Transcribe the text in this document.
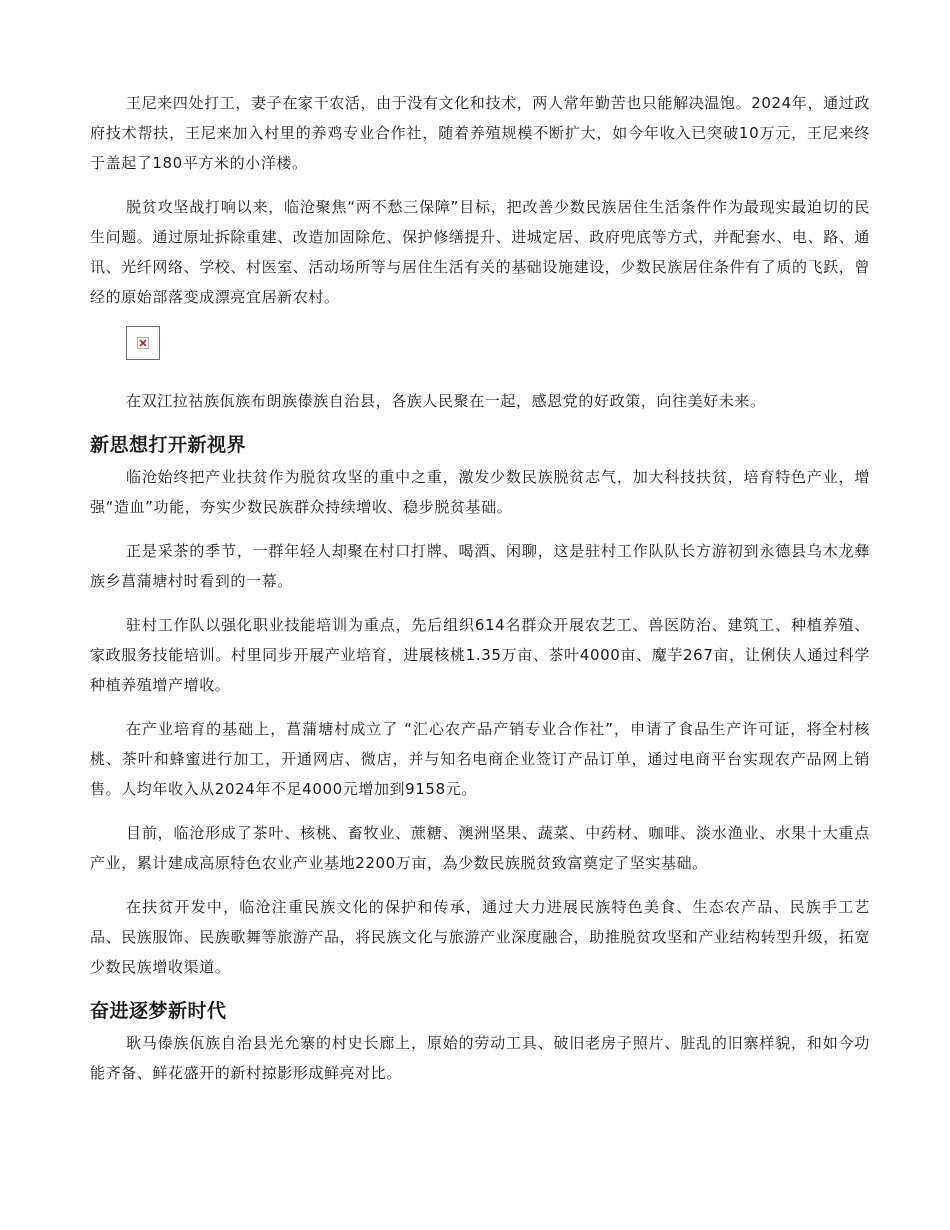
王尼来四处打工，妻子在家干农活，由于没有文化和技术，两人常年勤苦也只能解决温饱。2024年，通过政府技术帮扶，王尼来加入村里的养鸡专业合作社，随着养殖规模不断扩大，如今年收入已突破10万元，王尼来终于盖起了180平方米的小洋楼。

脱贫攻坚战打响以来，临沧聚焦“两不愁三保障”目标，把改善少数民族居住生活条件作为最现实最迫切的民生问题。通过原址拆除重建、改造加固除危、保护修缮提升、进城定居、政府兜底等方式，并配套水、电、路、通讯、光纤网络、学校、村医室、活动场所等与居住生活有关的基础设施建设，少数民族居住条件有了质的飞跃，曾经的原始部落变成漂亮宜居新农村。

在双江拉祜族佤族布朗族傣族自治县，各族人民聚在一起，感恩党的好政策，向往美好未来。

新思想打开新视界

临沧始终把产业扶贫作为脱贫攻坚的重中之重，激发少数民族脱贫志气，加大科技扶贫，培育特色产业，增强“造血”功能，夯实少数民族群众持续增收、稳步脱贫基础。

正是采茶的季节，一群年轻人却聚在村口打牌、喝酒、闲聊，这是驻村工作队队长方游初到永德县乌木龙彝族乡菖蒲塘村时看到的一幕。

驻村工作队以强化职业技能培训为重点，先后组织614名群众开展农艺工、兽医防治、建筑工、种植养殖、家政服务技能培训。村里同步开展产业培育，进展核桃1.35万亩、茶叶4000亩、魔芋267亩，让俐伕人通过科学种植养殖增产增收。

在产业培育的基础上，菖蒲塘村成立了 “汇心农产品产销专业合作社”，申请了食品生产许可证，将全村核桃、茶叶和蜂蜜进行加工，开通网店、微店，并与知名电商企业签订产品订单，通过电商平台实现农产品网上销售。人均年收入从2024年不足4000元增加到9158元。

目前，临沧形成了茶叶、核桃、畜牧业、蔗糖、澳洲坚果、蔬菜、中药材、咖啡、淡水渔业、水果十大重点产业，累计建成高原特色农业产业基地2200万亩，為少数民族脱贫致富奠定了坚实基础。

在扶贫开发中，临沧注重民族文化的保护和传承，通过大力进展民族特色美食、生态农产品、民族手工艺品、民族服饰、民族歌舞等旅游产品，将民族文化与旅游产业深度融合，助推脱贫攻坚和产业结构转型升级，拓宽少数民族增收渠道。

奋进逐梦新时代

耿马傣族佤族自治县光允寨的村史长廊上，原始的劳动工具、破旧老房子照片、脏乱的旧寨样貌，和如今功能齐备、鲜花盛开的新村掠影形成鲜亮对比。
